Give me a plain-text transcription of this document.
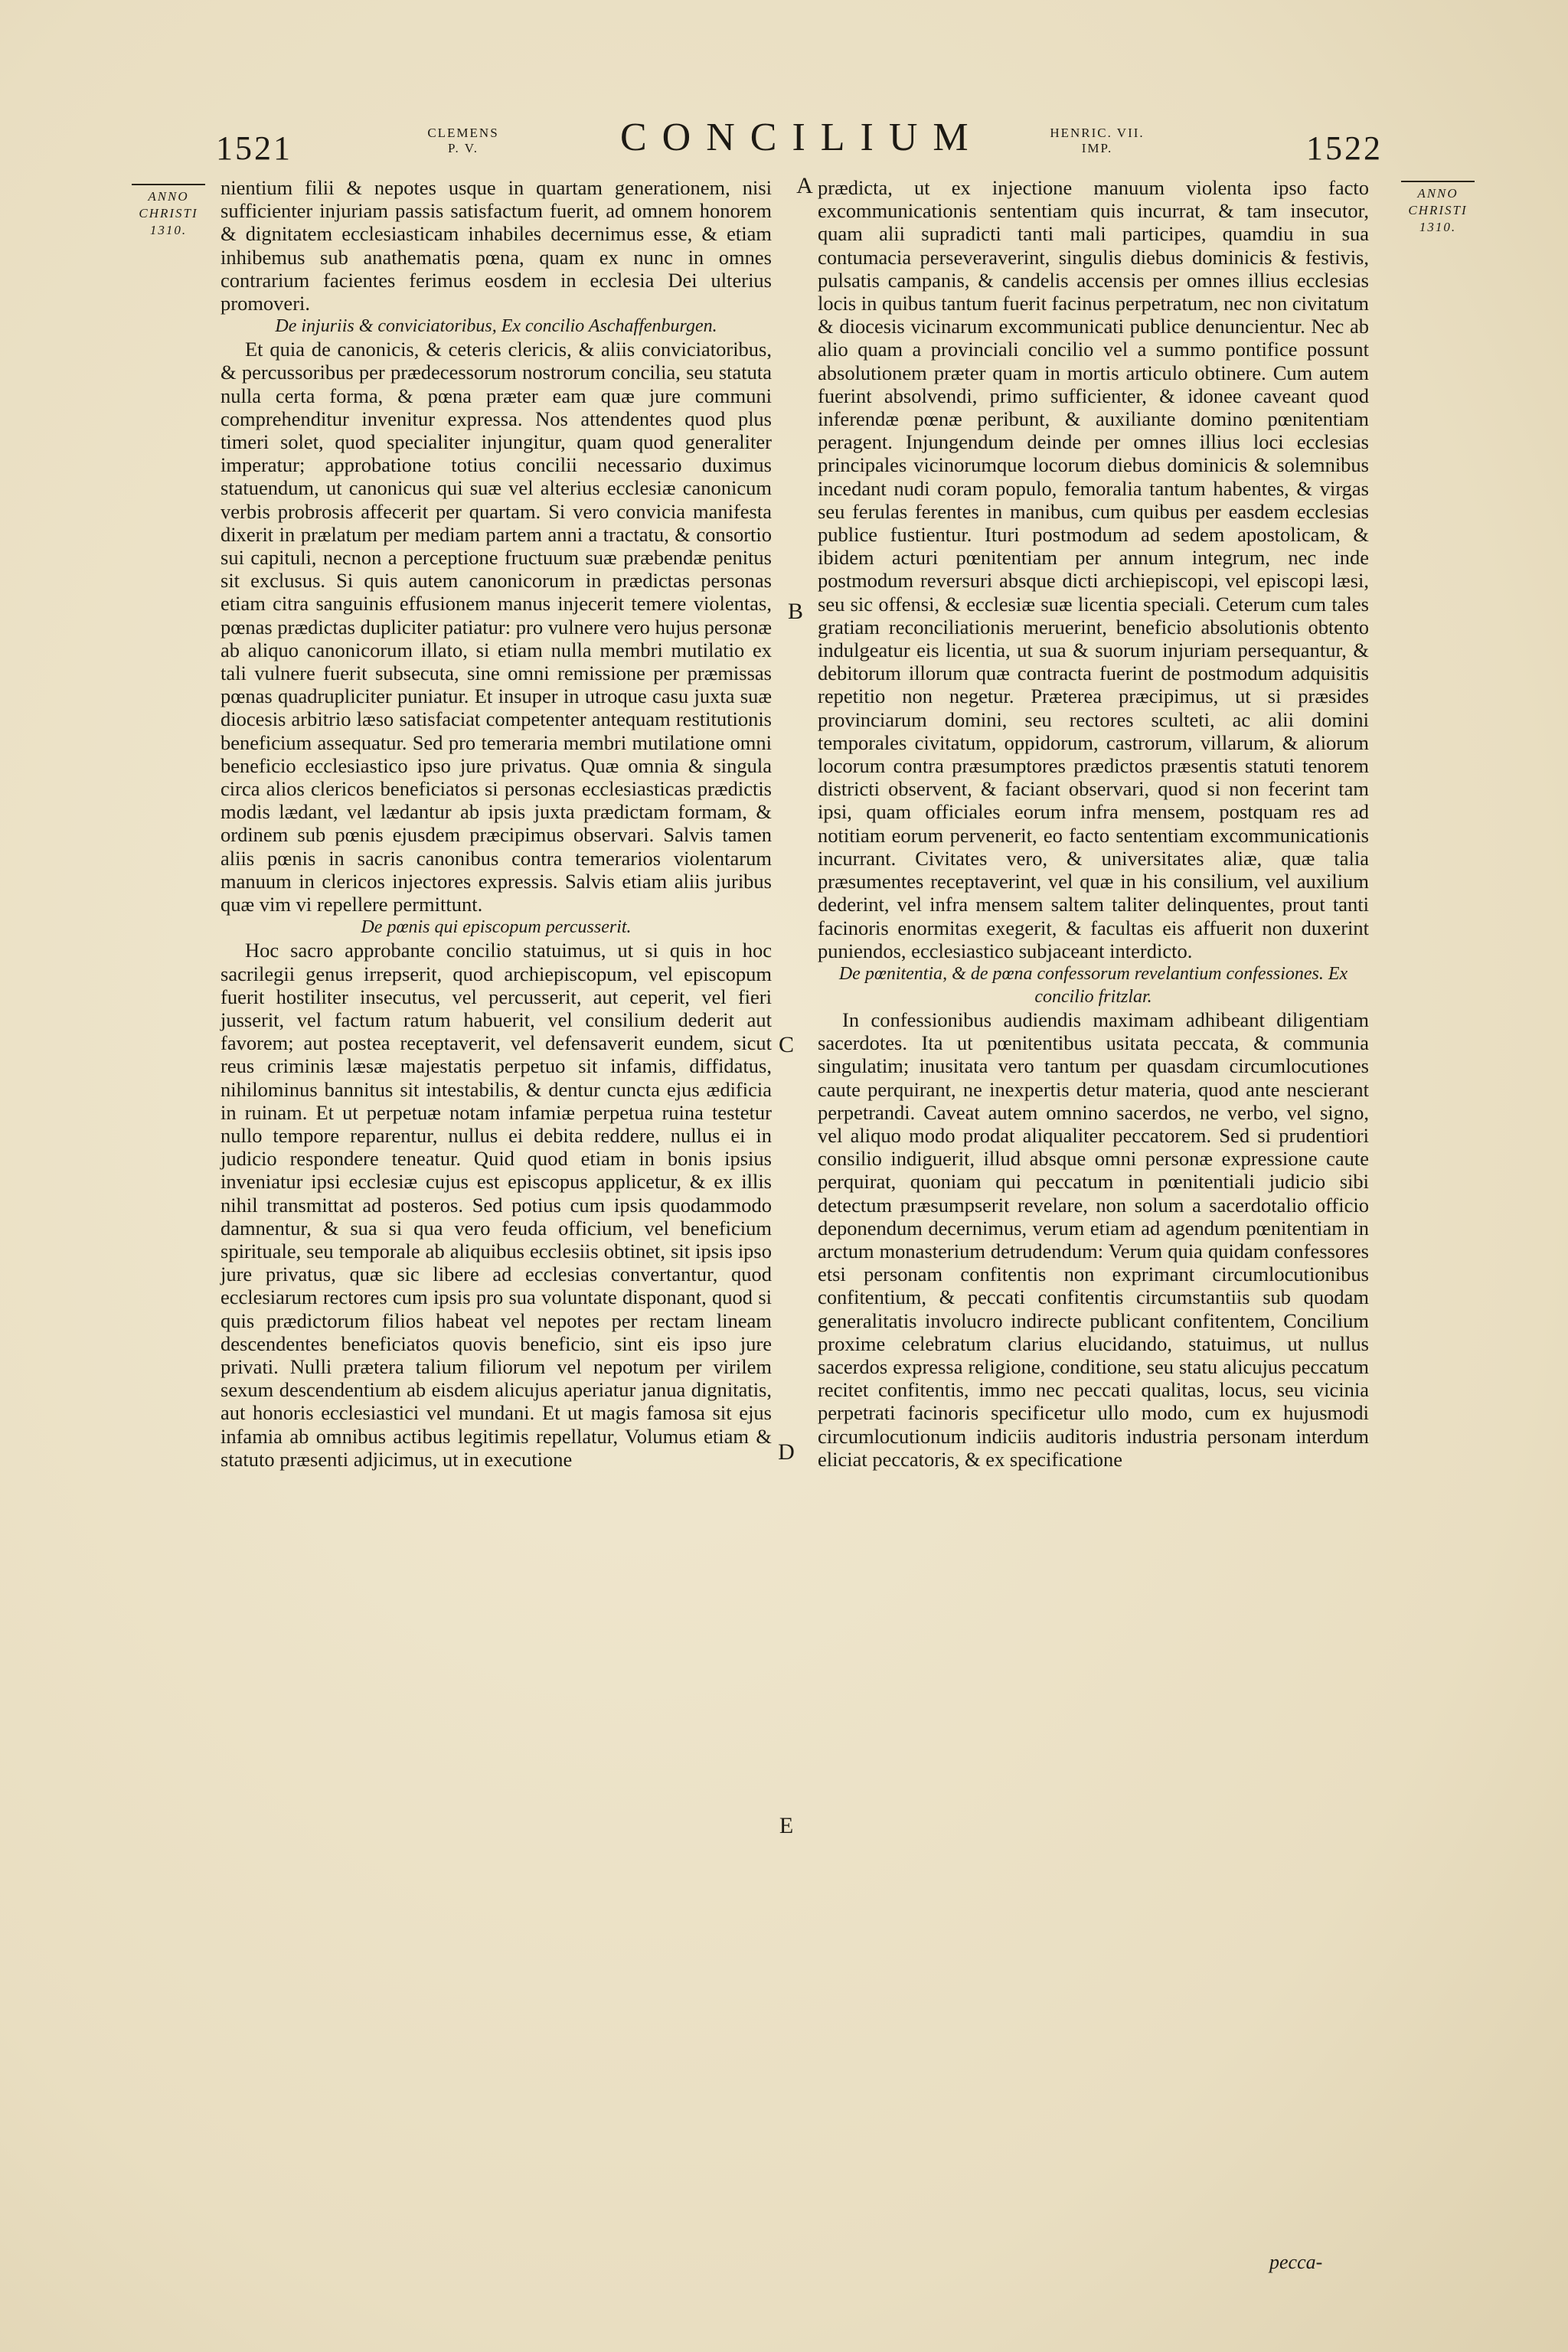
1521	CLEMENS
P. V.	CONCILIUM	HENRIC. VII.
IMP.	1522
ANNO
CHRISTI
1310.
ANNO
CHRISTI
1310.
A
B
C
D
E

nientium filii & nepotes usque in quartam generationem, nisi sufficienter injuriam passis satisfactum fuerit, ad omnem honorem & dignitatem ecclesiasticam inhabiles decernimus esse, & etiam inhibemus sub anathematis pœna, quam ex nunc in omnes contrarium facientes ferimus eosdem in ecclesia Dei ulterius promoveri.

De injuriis & conviciatoribus, Ex concilio Aschaffenburgen.

Et quia de canonicis, & ceteris clericis, & aliis conviciatoribus, & percussoribus per prædecessorum nostrorum concilia, seu statuta nulla certa forma, & pœna præter eam quæ jure communi comprehenditur invenitur expressa. Nos attendentes quod plus timeri solet, quod specialiter injungitur, quam quod generaliter imperatur; approbatione totius concilii necessario duximus statuendum, ut canonicus qui suæ vel alterius ecclesiæ canonicum verbis probrosis affecerit per quartam. Si vero convicia manifesta dixerit in prælatum per mediam partem anni a tractatu, & consortio sui capituli, necnon a perceptione fructuum suæ præbendæ penitus sit exclusus. Si quis autem canonicorum in prædictas personas etiam citra sanguinis effusionem manus injecerit temere violentas, pœnas prædictas dupliciter patiatur: pro vulnere vero hujus personæ ab aliquo canonicorum illato, si etiam nulla membri mutilatio ex tali vulnere fuerit subsecuta, sine omni remissione per præmissas pœnas quadrupliciter puniatur. Et insuper in utroque casu juxta suæ diocesis arbitrio læso satisfaciat competenter antequam restitutionis beneficium assequatur. Sed pro temeraria membri mutilatione omni beneficio ecclesiastico ipso jure privatus. Quæ omnia & singula circa alios clericos beneficiatos si personas ecclesiasticas prædictis modis lædant, vel lædantur ab ipsis juxta prædictam formam, & ordinem sub pœnis ejusdem præcipimus observari. Salvis tamen aliis pœnis in sacris canonibus contra temerarios violentarum manuum in clericos injectores expressis. Salvis etiam aliis juribus quæ vim vi repellere permittunt.

De pœnis qui episcopum percusserit.

Hoc sacro approbante concilio statuimus, ut si quis in hoc sacrilegii genus irrepserit, quod archiepiscopum, vel episcopum fuerit hostiliter insecutus, vel percusserit, aut ceperit, vel fieri jusserit, vel factum ratum habuerit, vel consilium dederit aut favorem; aut postea receptaverit, vel defensaverit eundem, sicut reus criminis læsæ majestatis perpetuo sit infamis, diffidatus, nihilominus bannitus sit intestabilis, & dentur cuncta ejus ædificia in ruinam. Et ut perpetuæ notam infamiæ perpetua ruina testetur nullo tempore reparentur, nullus ei debita reddere, nullus ei in judicio respondere teneatur. Quid quod etiam in bonis ipsius inveniatur ipsi ecclesiæ cujus est episcopus applicetur, & ex illis nihil transmittat ad posteros. Sed potius cum ipsis quodammodo damnentur, & sua si qua vero feuda officium, vel beneficium spirituale, seu temporale ab aliquibus ecclesiis obtinet, sit ipsis ipso jure privatus, quæ sic libere ad ecclesias convertantur, quod ecclesiarum rectores cum ipsis pro sua voluntate disponant, quod si quis prædictorum filios habeat vel nepotes per rectam lineam descendentes beneficiatos quovis beneficio, sint eis ipso jure privati. Nulli prætera talium filiorum vel nepotum per virilem sexum descendentium ab eisdem alicujus aperiatur janua dignitatis, aut honoris ecclesiastici vel mundani. Et ut magis famosa sit ejus infamia ab omnibus actibus legitimis repellatur, Volumus etiam & statuto præsenti adjicimus, ut in executione

prædicta, ut ex injectione manuum violenta ipso facto excommunicationis sententiam quis incurrat, & tam insecutor, quam alii supradicti tanti mali participes, quamdiu in sua contumacia perseveraverint, singulis diebus dominicis & festivis, pulsatis campanis, & candelis accensis per omnes illius ecclesias locis in quibus tantum fuerit facinus perpetratum, nec non civitatum & diocesis vicinarum excommunicati publice denuncientur. Nec ab alio quam a provinciali concilio vel a summo pontifice possunt absolutionem præter quam in mortis articulo obtinere. Cum autem fuerint absolvendi, primo sufficienter, & idonee caveant quod inferendæ pœnæ peribunt, & auxiliante domino pœnitentiam peragent. Injungendum deinde per omnes illius loci ecclesias principales vicinorumque locorum diebus dominicis & solemnibus incedant nudi coram populo, femoralia tantum habentes, & virgas seu ferulas ferentes in manibus, cum quibus per easdem ecclesias publice fustientur. Ituri postmodum ad sedem apostolicam, & ibidem acturi pœnitentiam per annum integrum, nec inde postmodum reversuri absque dicti archiepiscopi, vel episcopi læsi, seu sic offensi, & ecclesiæ suæ licentia speciali. Ceterum cum tales gratiam reconciliationis meruerint, beneficio absolutionis obtento indulgeatur eis licentia, ut sua & suorum injuriam persequantur, & debitorum illorum quæ contracta fuerint de postmodum adquisitis repetitio non negetur. Præterea præcipimus, ut si præsides provinciarum domini, seu rectores sculteti, ac alii domini temporales civitatum, oppidorum, castrorum, villarum, & aliorum locorum contra præsumptores prædictos præsentis statuti tenorem districti observent, & faciant observari, quod si non fecerint tam ipsi, quam officiales eorum infra mensem, postquam res ad notitiam eorum pervenerit, eo facto sententiam excommunicationis incurrant. Civitates vero, & universitates aliæ, quæ talia præsumentes receptaverint, vel quæ in his consilium, vel auxilium dederint, vel infra mensem saltem taliter delinquentes, prout tanti facinoris enormitas exegerit, & facultas eis affuerit non duxerint puniendos, ecclesiastico subjaceant interdicto.

De pœnitentia, & de pœna confessorum revelantium confessiones. Ex concilio fritzlar.

In confessionibus audiendis maximam adhibeant diligentiam sacerdotes. Ita ut pœnitentibus usitata peccata, & communia singulatim; inusitata vero tantum per quasdam circumlocutiones caute perquirant, ne inexpertis detur materia, quod ante nescierant perpetrandi. Caveat autem omnino sacerdos, ne verbo, vel signo, vel aliquo modo prodat aliqualiter peccatorem. Sed si prudentiori consilio indiguerit, illud absque omni personæ expressione caute perquirat, quoniam qui peccatum in pœnitentiali judicio sibi detectum præsumpserit revelare, non solum a sacerdotalio officio deponendum decernimus, verum etiam ad agendum pœnitentiam in arctum monasterium detrudendum: Verum quia quidam confessores etsi personam confitentis non exprimant circumlocutionibus confitentium, & peccati confitentis circumstantiis sub quodam generalitatis involucro indirecte publicant confitentem, Concilium proxime celebratum clarius elucidando, statuimus, ut nullus sacerdos expressa religione, conditione, seu statu alicujus peccatum recitet confitentis, immo nec peccati qualitas, locus, seu vicinia perpetrati facinoris specificetur ullo modo, cum ex hujusmodi circumlocutionum indiciis auditoris industria personam interdum eliciat peccatoris, & ex specificatione

pecca-
